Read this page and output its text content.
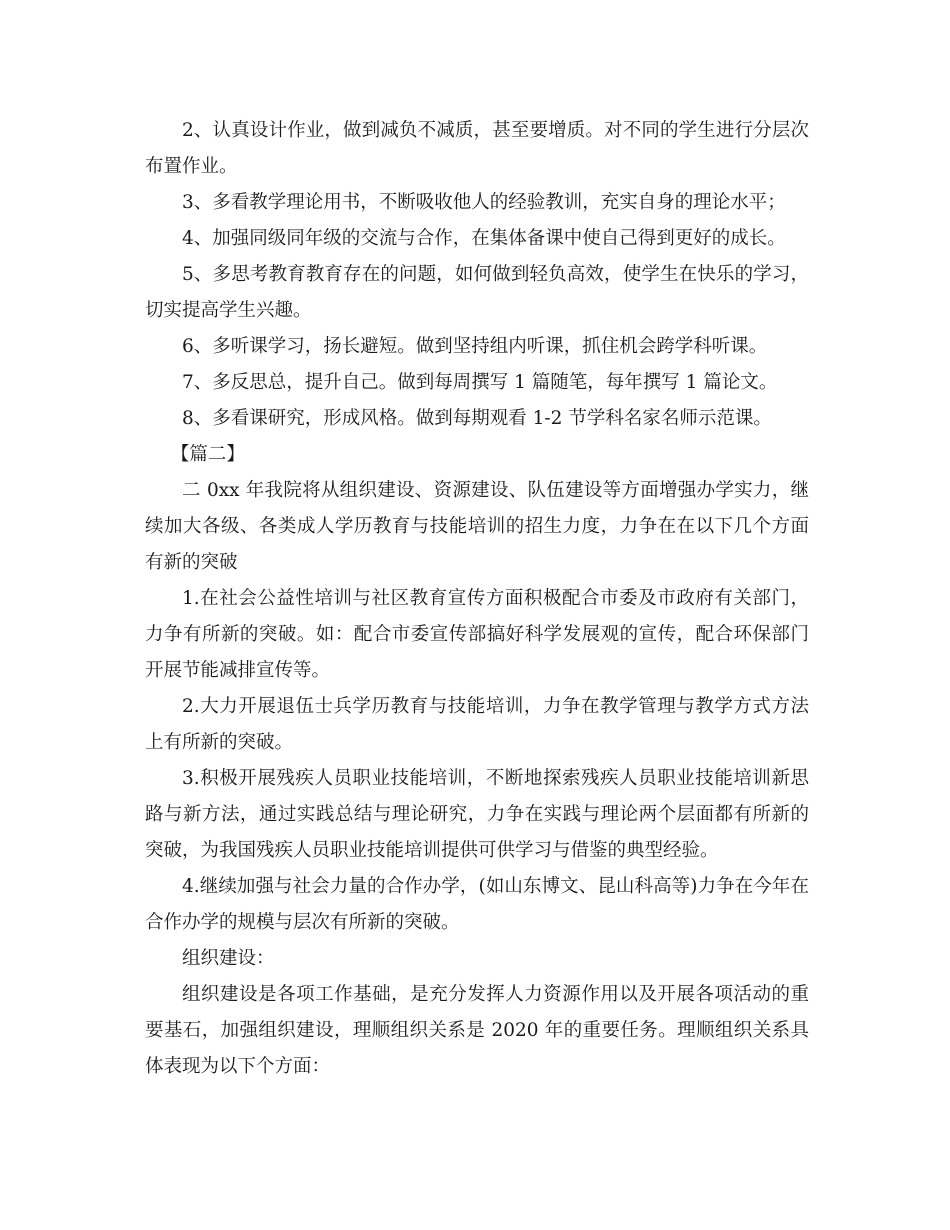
2、认真设计作业，做到减负不减质，甚至要增质。对不同的学生进行分层次布置作业。

3、多看教学理论用书，不断吸收他人的经验教训，充实自身的理论水平；

4、加强同级同年级的交流与合作，在集体备课中使自己得到更好的成长。

5、多思考教育教育存在的问题，如何做到轻负高效，使学生在快乐的学习，切实提高学生兴趣。

6、多听课学习，扬长避短。做到坚持组内听课，抓住机会跨学科听课。

7、多反思总，提升自己。做到每周撰写 1 篇随笔，每年撰写 1 篇论文。

8、多看课研究，形成风格。做到每期观看 1-2 节学科名家名师示范课。

【篇二】

二 0xx 年我院将从组织建设、资源建设、队伍建设等方面增强办学实力，继续加大各级、各类成人学历教育与技能培训的招生力度，力争在在以下几个方面有新的突破

1.在社会公益性培训与社区教育宣传方面积极配合市委及市政府有关部门，力争有所新的突破。如：配合市委宣传部搞好科学发展观的宣传，配合环保部门开展节能减排宣传等。

2.大力开展退伍士兵学历教育与技能培训，力争在教学管理与教学方式方法上有所新的突破。

3.积极开展残疾人员职业技能培训，不断地探索残疾人员职业技能培训新思路与新方法，通过实践总结与理论研究，力争在实践与理论两个层面都有所新的突破，为我国残疾人员职业技能培训提供可供学习与借鉴的典型经验。

4.继续加强与社会力量的合作办学，(如山东博文、昆山科高等)力争在今年在合作办学的规模与层次有所新的突破。

组织建设：

组织建设是各项工作基础，是充分发挥人力资源作用以及开展各项活动的重要基石，加强组织建设，理顺组织关系是 2020 年的重要任务。理顺组织关系具体表现为以下个方面：
